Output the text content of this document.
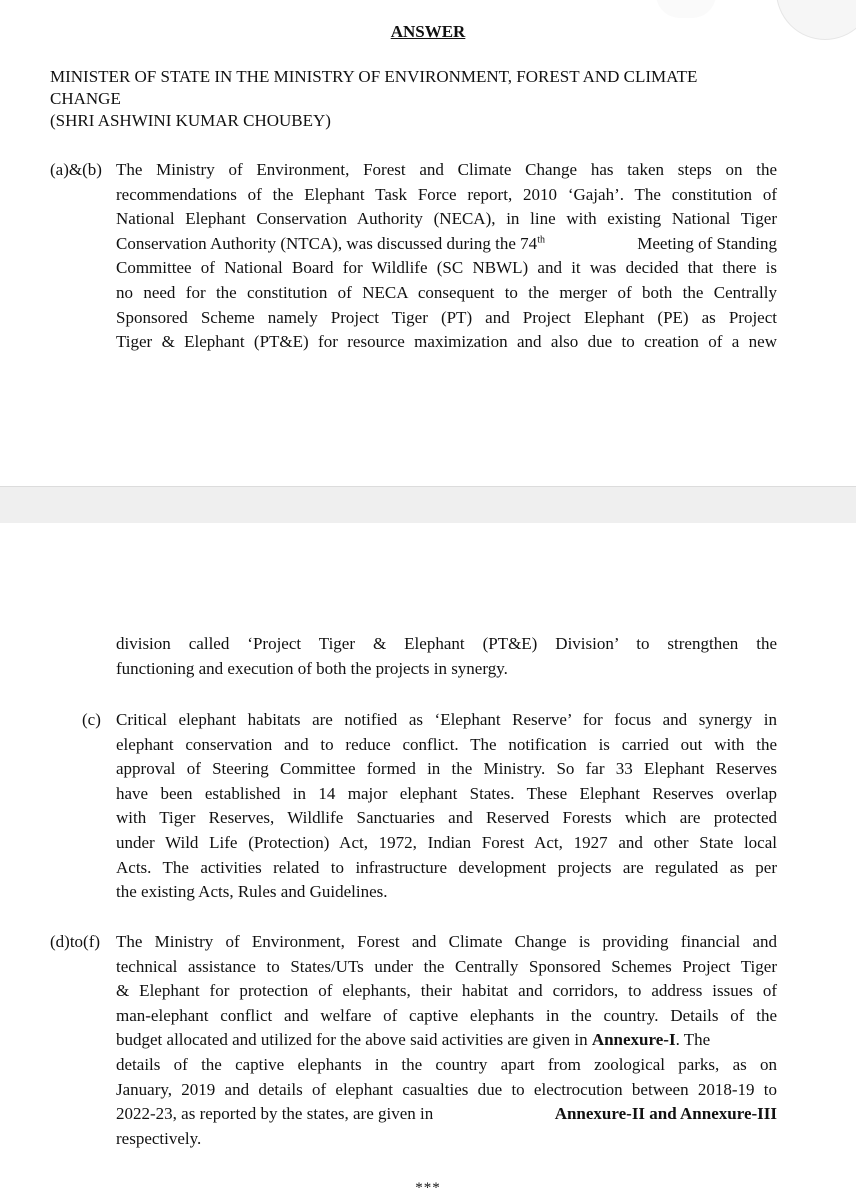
ANSWER
MINISTER OF STATE IN THE MINISTRY OF ENVIRONMENT, FOREST AND CLIMATE
CHANGE
(SHRI ASHWINI KUMAR CHOUBEY)
(a)&(b) The Ministry of Environment, Forest and Climate Change has taken steps on the
recommendations of the Elephant Task Force report, 2010 ‘Gajah’. The constitution of
National Elephant Conservation Authority (NECA), in line with existing National Tiger
Conservation Authority (NTCA), was discussed during the 74th	Meeting of Standing
Committee of National Board for Wildlife (SC NBWL) and it was decided that there is
no need for the constitution of NECA consequent to the merger of both the Centrally
Sponsored Scheme namely Project Tiger (PT) and Project Elephant (PE) as Project
Tiger & Elephant (PT&E) for resource maximization and also due to creation of a new
division called ‘Project Tiger & Elephant (PT&E) Division’ to strengthen the
functioning and execution of both the projects in synergy.
(c) Critical elephant habitats are notified as ‘Elephant Reserve’ for focus and synergy in
elephant conservation and to reduce conflict. The notification is carried out with the
approval of Steering Committee formed in the Ministry. So far 33 Elephant Reserves
have been established in 14 major elephant States. These Elephant Reserves overlap
with Tiger Reserves, Wildlife Sanctuaries and Reserved Forests which are protected
under Wild Life (Protection) Act, 1972, Indian Forest Act, 1927 and other State local
Acts. The activities related to infrastructure development projects are regulated as per
the existing Acts, Rules and Guidelines.
(d)to(f) The Ministry of Environment, Forest and Climate Change is providing financial and
technical assistance to States/UTs under the Centrally Sponsored Schemes Project Tiger
& Elephant for protection of elephants, their habitat and corridors, to address issues of
man-elephant conflict and welfare of captive elephants in the country. Details of the
budget allocated and utilized for the above said activities are given in Annexure-I. The
details of the captive elephants in the country apart from zoological parks, as on
January, 2019 and details of elephant casualties due to electrocution between 2018-19 to
2022-23, as reported by the states, are given in	Annexure-II and Annexure-III
respectively.
***
